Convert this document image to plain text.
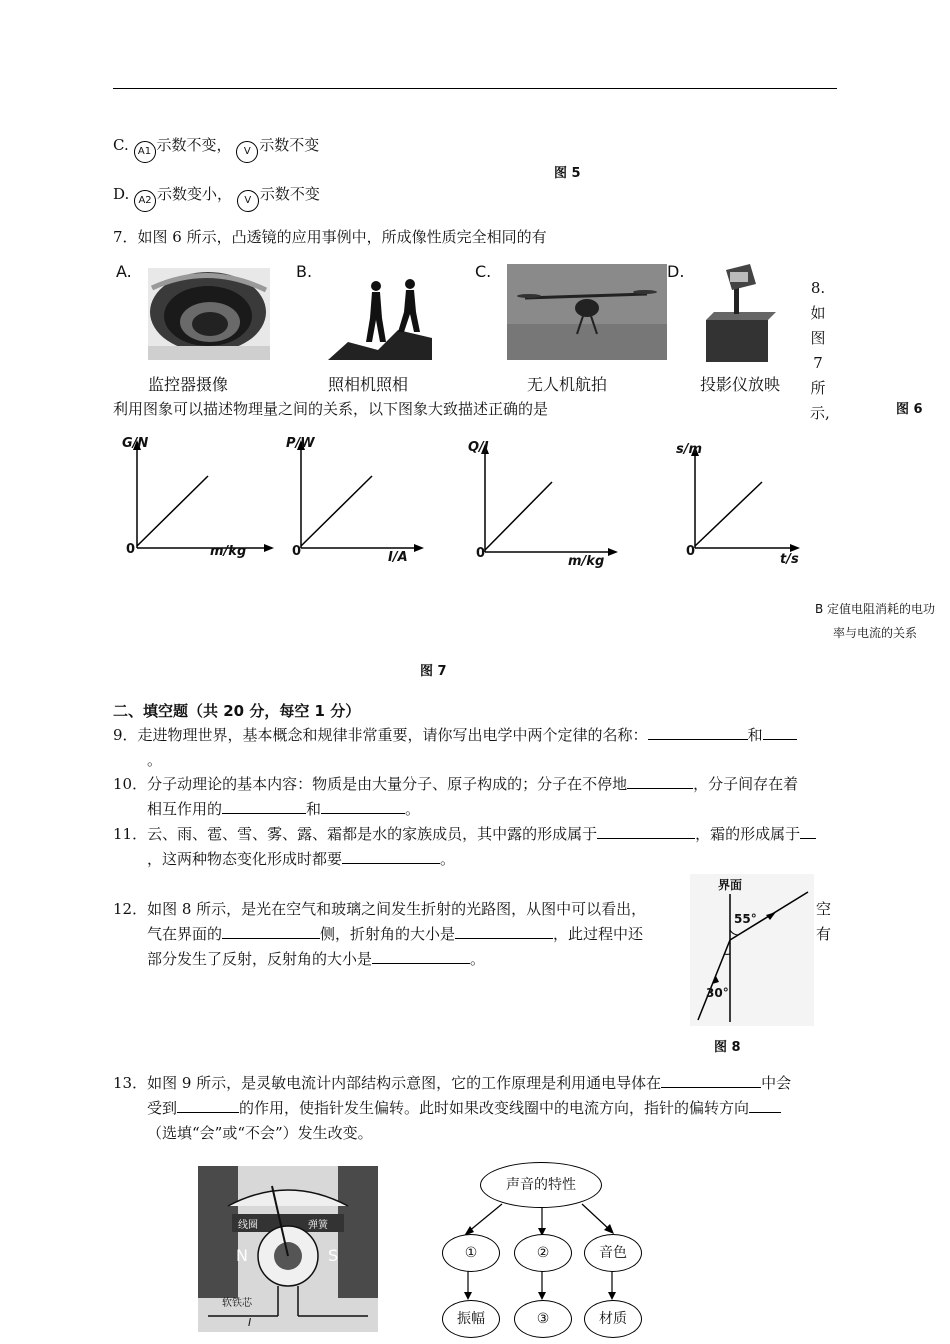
C. A1 示数不变， V 示数不变
图 5
D. A2 示数变小， V 示数不变
7．如图 6 所示，凸透镜的应用事例中，所成像性质完全相同的有
A.
监控器摄像
B.
照相机照相
C.
无人机航拍
D.
投影仪放映
8.
如
图 7
所
示,	图 6
利用图象可以描述物理量之间的关系，以下图象大致描述正确的是
G/N
m/kg
0
P/W
I/A
0
Q/J
m/kg
0
s/m
t/s
0
B 定值电阻消耗的电功率与电流的关系
图 7
二、填空题（共 20 分，每空 1 分）
9．走进物理世界，基本概念和规律非常重要，请你写出电学中两个定律的名称：	和
。
10．分子动理论的基本内容：物质是由大量分子、原子构成的；分子在不停地	，分子间存在着
相互作用的	和	。
11．云、雨、雹、雪、雾、露、霜都是水的家族成员，其中露的形成属于	，霜的形成属于
，这两种物态变化形成时都要	。
12．如图 8 所示，是光在空气和玻璃之间发生折射的光路图，从图中可以看出，	空
气在界面的	侧，折射角的大小是	，此过程中还	有
部分发生了反射，反射角的大小是	。
界面
55°
30°
图 8
13．如图 9 所示，是灵敏电流计内部结构示意图，它的工作原理是利用通电导体在	中会
受到	的作用，使指针发生偏转。此时如果改变线圈中的电流方向，指针的偏转方向
（选填“会”或“不会”）发生改变。
线圈	弹簧
N	S
软铁芯
I
声音的特性
①	②	音色
振幅	③	材质
